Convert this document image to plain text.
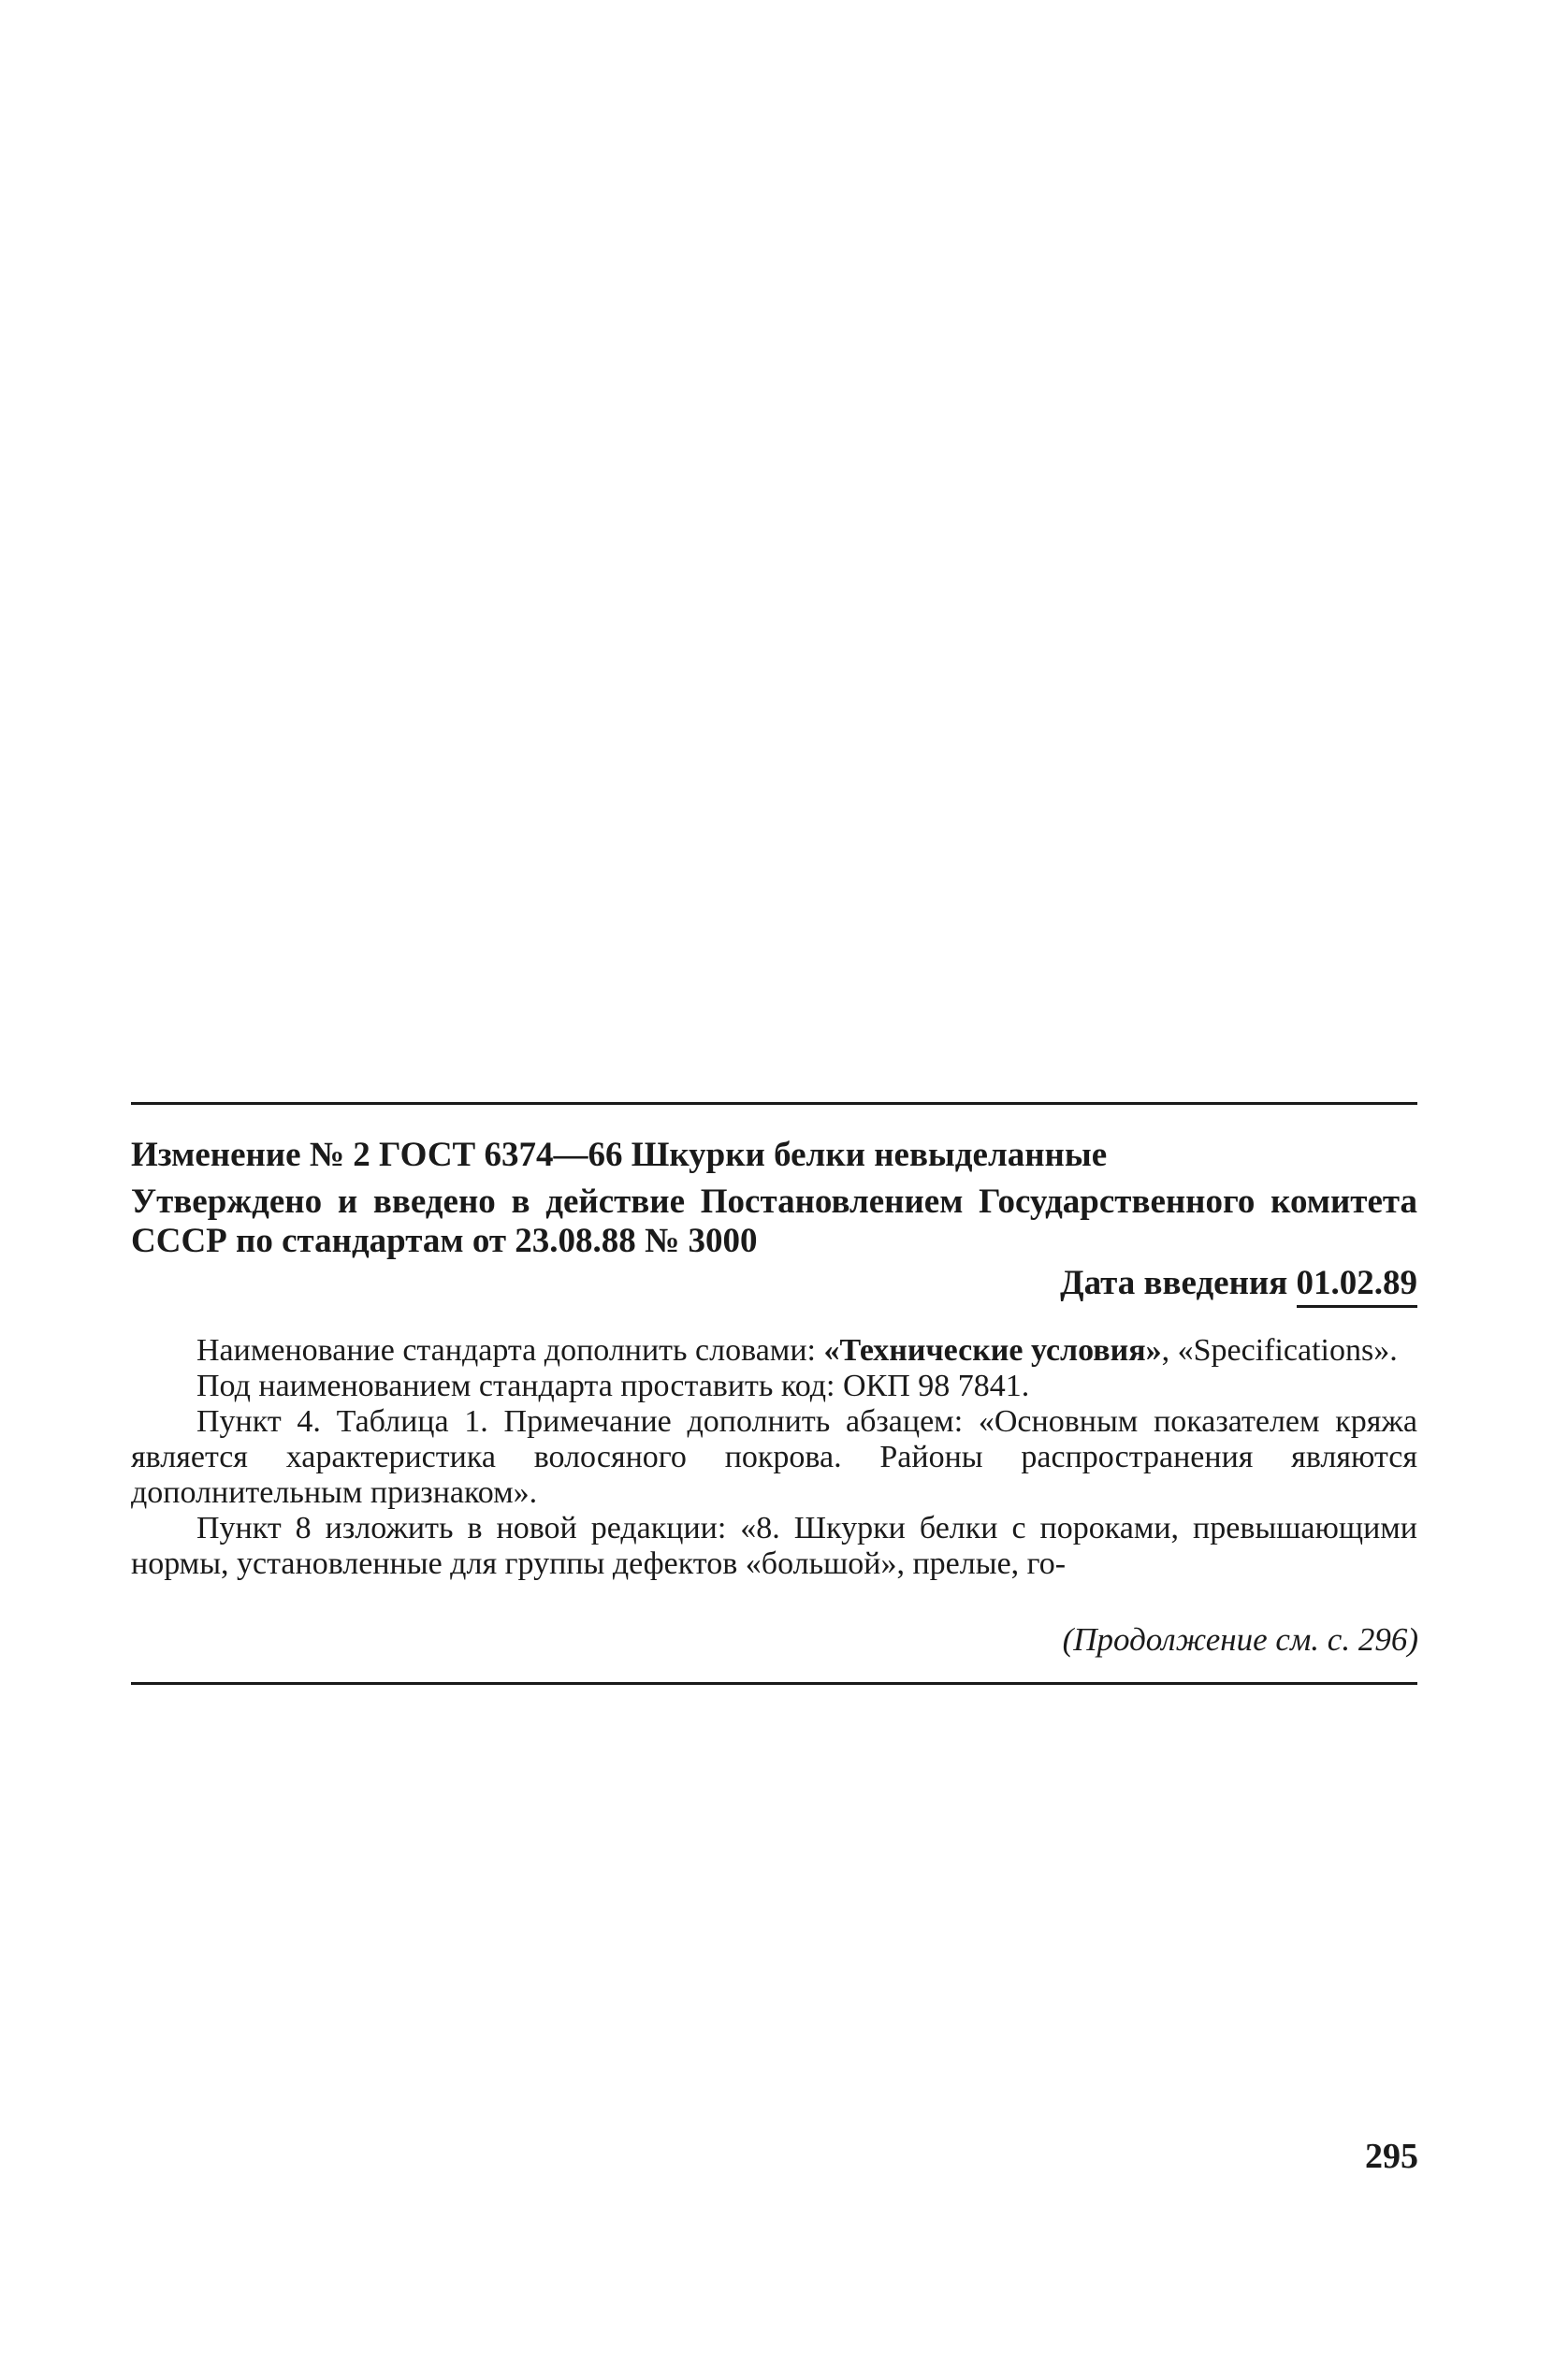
Изменение № 2 ГОСТ 6374—66 Шкурки белки невыделанные
Утверждено и введено в действие Постановлением Государственного комитета
СССР по стандартам от 23.08.88 № 3000
Дата введения 01.02.89

Наименование стандарта дополнить словами: «Технические условия», «Specifications».

Под наименованием стандарта проставить код: ОКП 98 7841.

Пункт 4. Таблица 1. Примечание дополнить абзацем: «Основным показателем кряжа является характеристика волосяного покрова. Районы распространения являются дополнительным признаком».

Пункт 8 изложить в новой редакции: «8. Шкурки белки с пороками, превышающими нормы, установленные для группы дефектов «большой», прелые, го-

(Продолжение см. с. 296)
295
